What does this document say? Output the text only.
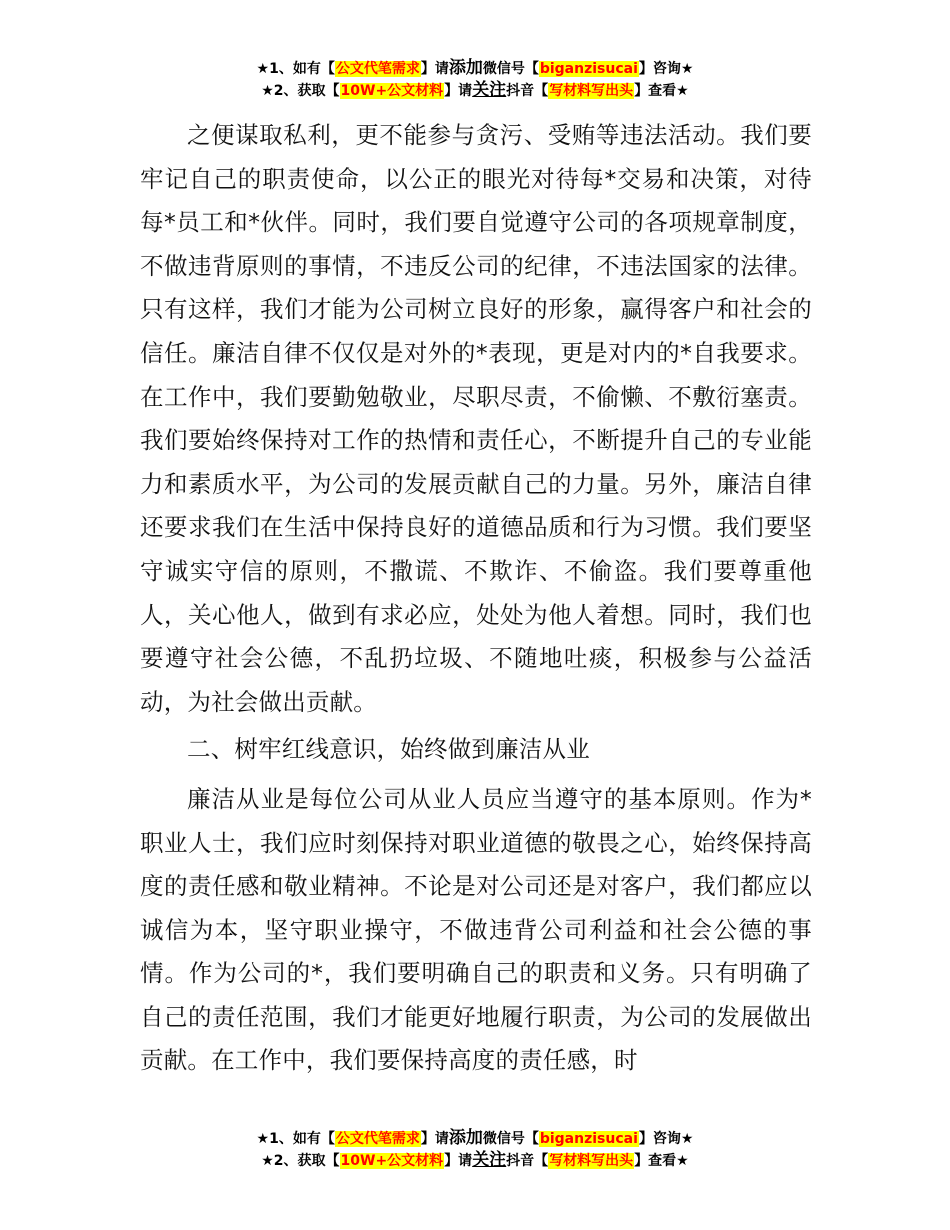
★1、如有【公文代笔需求】请添加微信号【biganzisucai】咨询★
★2、获取【10W+公文材料】请关注抖音【写材料写出头】查看★

之便谋取私利，更不能参与贪污、受贿等违法活动。我们要牢记自己的职责使命，以公正的眼光对待每*交易和决策，对待每*员工和*伙伴。同时，我们要自觉遵守公司的各项规章制度，不做违背原则的事情，不违反公司的纪律，不违法国家的法律。只有这样，我们才能为公司树立良好的形象，赢得客户和社会的信任。廉洁自律不仅仅是对外的*表现，更是对内的*自我要求。在工作中，我们要勤勉敬业，尽职尽责，不偷懒、不敷衍塞责。我们要始终保持对工作的热情和责任心，不断提升自己的专业能力和素质水平，为公司的发展贡献自己的力量。另外，廉洁自律还要求我们在生活中保持良好的道德品质和行为习惯。我们要坚守诚实守信的原则，不撒谎、不欺诈、不偷盗。我们要尊重他人，关心他人，做到有求必应，处处为他人着想。同时，我们也要遵守社会公德，不乱扔垃圾、不随地吐痰，积极参与公益活动，为社会做出贡献。

二、树牢红线意识，始终做到廉洁从业

廉洁从业是每位公司从业人员应当遵守的基本原则。作为*职业人士，我们应时刻保持对职业道德的敬畏之心，始终保持高度的责任感和敬业精神。不论是对公司还是对客户，我们都应以诚信为本，坚守职业操守，不做违背公司利益和社会公德的事情。作为公司的*，我们要明确自己的职责和义务。只有明确了自己的责任范围，我们才能更好地履行职责，为公司的发展做出贡献。在工作中，我们要保持高度的责任感，时

★1、如有【公文代笔需求】请添加微信号【biganzisucai】咨询★
★2、获取【10W+公文材料】请关注抖音【写材料写出头】查看★
